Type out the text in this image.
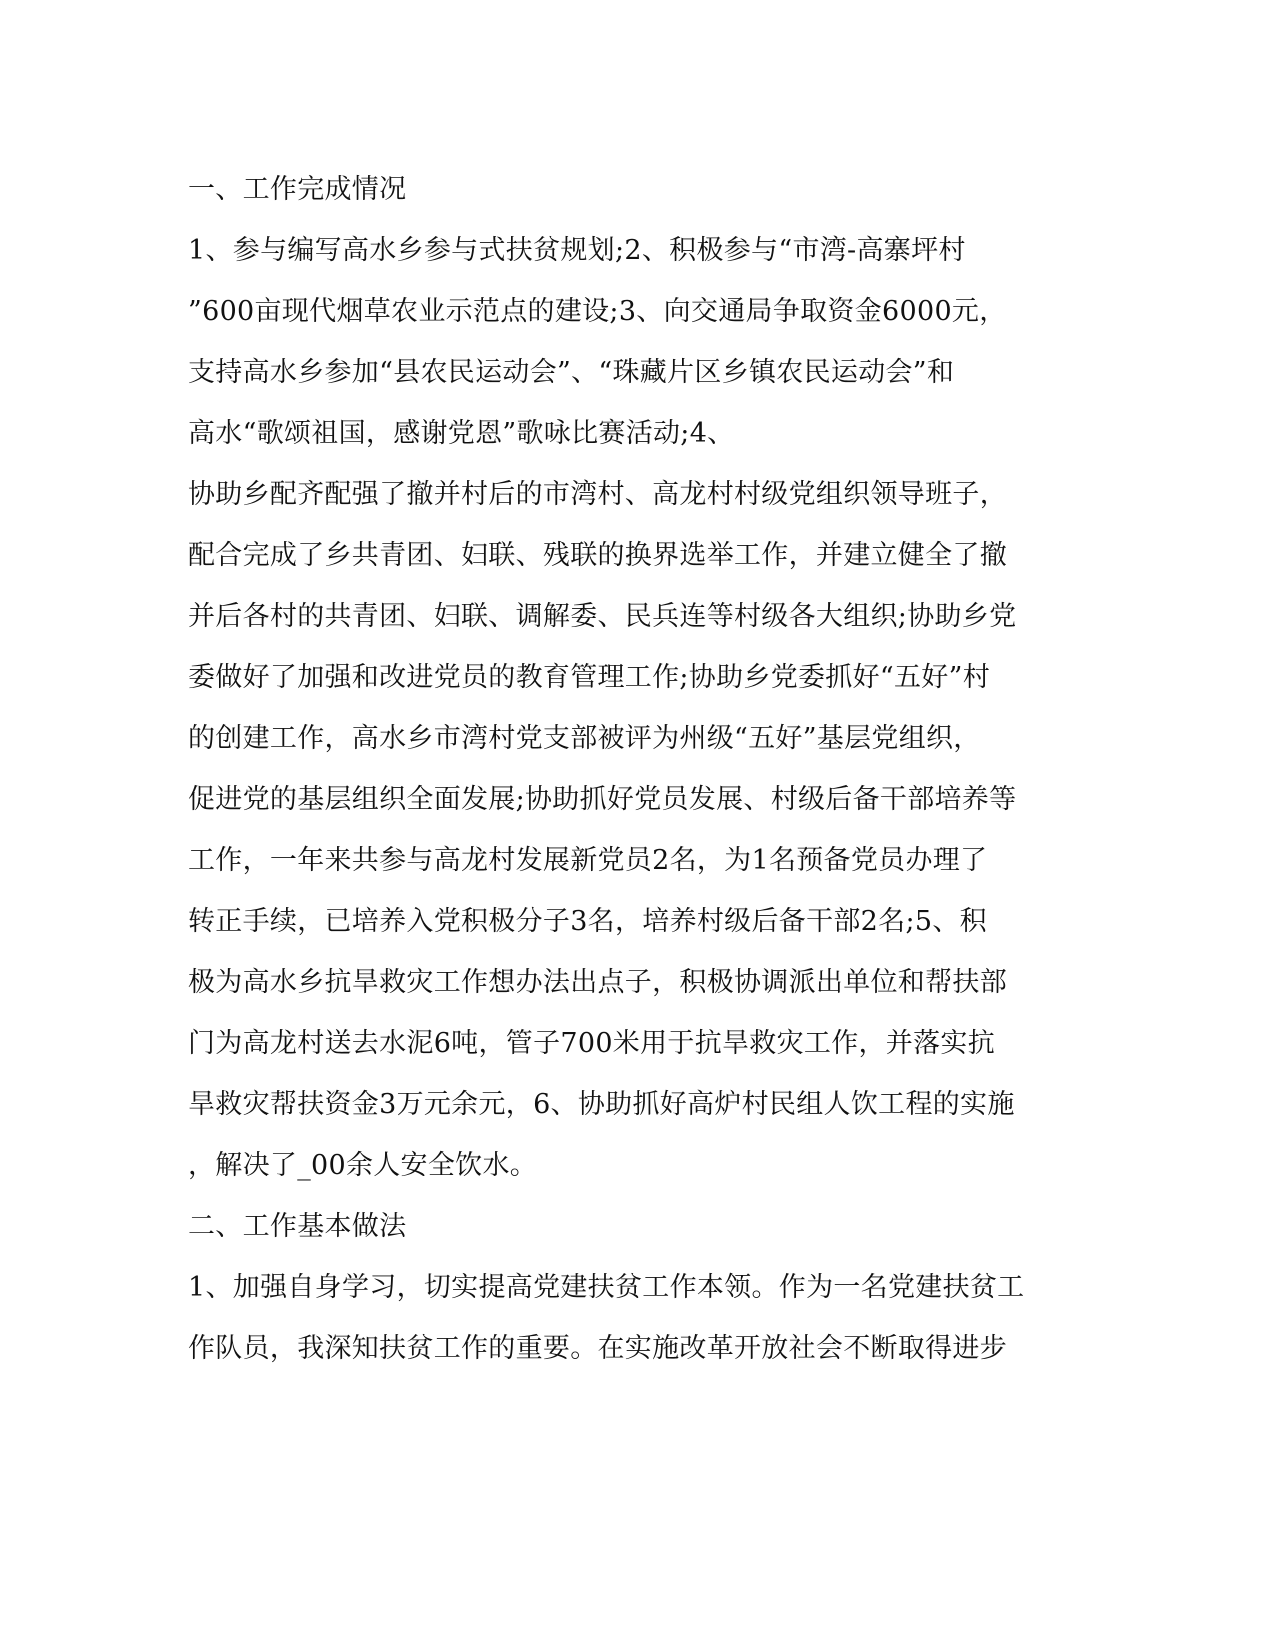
一、工作完成情况
1、参与编写高水乡参与式扶贫规划;2、积极参与“市湾-高寨坪村
”600亩现代烟草农业示范点的建设;3、向交通局争取资金6000元，
支持高水乡参加“县农民运动会”、“珠藏片区乡镇农民运动会”和
高水“歌颂祖国，感谢党恩”歌咏比赛活动;4、
协助乡配齐配强了撤并村后的市湾村、高龙村村级党组织领导班子，
配合完成了乡共青团、妇联、残联的换界选举工作，并建立健全了撤
并后各村的共青团、妇联、调解委、民兵连等村级各大组织;协助乡党
委做好了加强和改进党员的教育管理工作;协助乡党委抓好“五好”村
的创建工作，高水乡市湾村党支部被评为州级“五好”基层党组织，
促进党的基层组织全面发展;协助抓好党员发展、村级后备干部培养等
工作，一年来共参与高龙村发展新党员2名，为1名预备党员办理了
转正手续，已培养入党积极分子3名，培养村级后备干部2名;5、积
极为高水乡抗旱救灾工作想办法出点子，积极协调派出单位和帮扶部
门为高龙村送去水泥6吨，管子700米用于抗旱救灾工作，并落实抗
旱救灾帮扶资金3万元余元，6、协助抓好高炉村民组人饮工程的实施
，解决了_00余人安全饮水。
二、工作基本做法
1、加强自身学习，切实提高党建扶贫工作本领。作为一名党建扶贫工
作队员，我深知扶贫工作的重要。在实施改革开放社会不断取得进步
